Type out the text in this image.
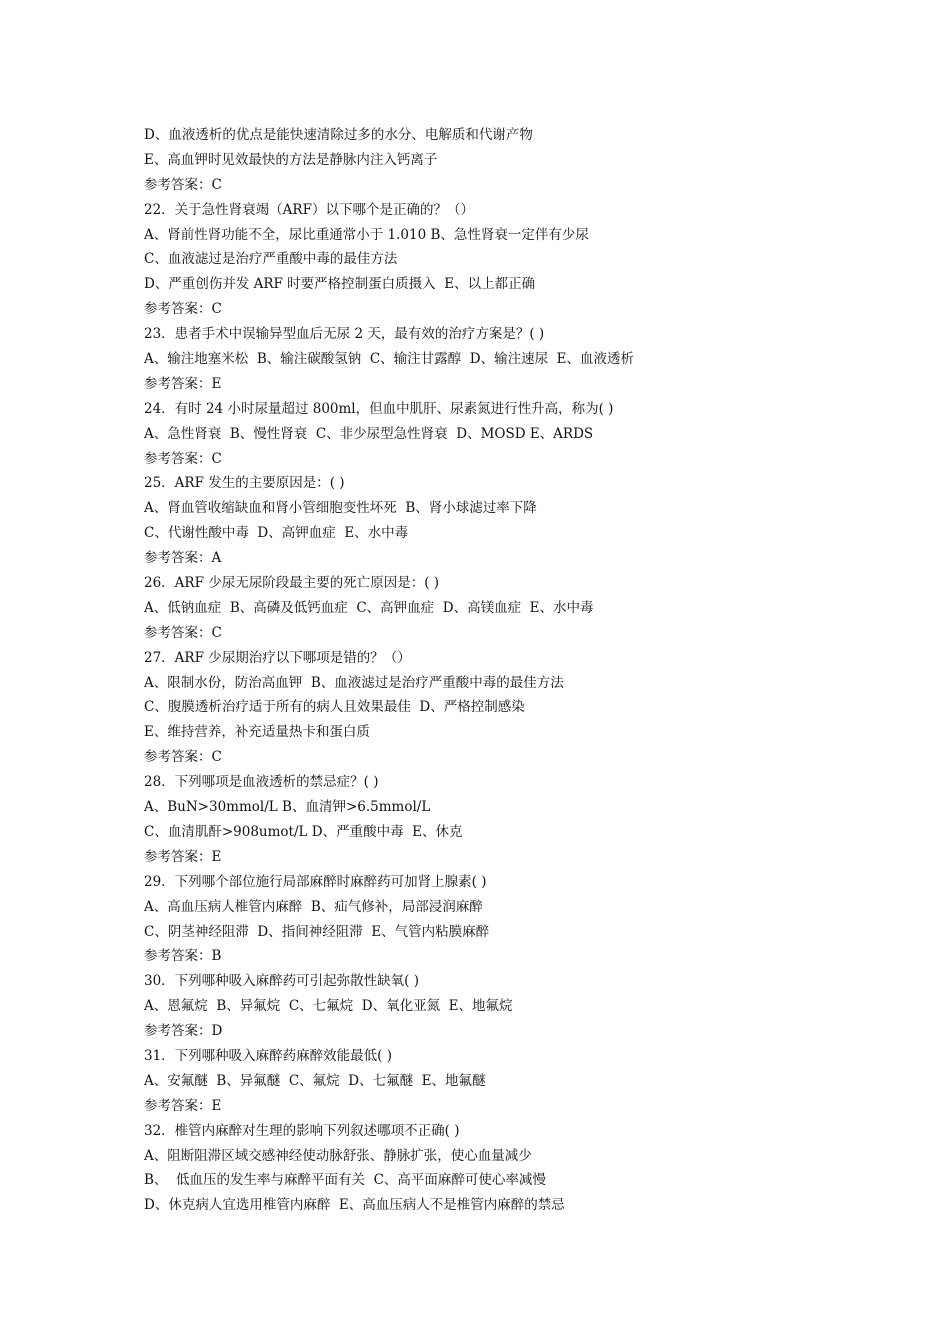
D、血液透析的优点是能快速清除过多的水分、电解质和代谢产物
E、高血钾时见效最快的方法是静脉内注入钙离子
参考答案：C
22．关于急性肾衰竭（ARF）以下哪个是正确的？（）
A、肾前性肾功能不全，尿比重通常小于 1.010 B、急性肾衰一定伴有少尿
C、血液滤过是治疗严重酸中毒的最佳方法
D、严重创伤并发 ARF 时要严格控制蛋白质摄入  E、以上都正确
参考答案：C
23．患者手术中误输异型血后无尿 2 天，最有效的治疗方案是？( )
A、输注地塞米松  B、输注碳酸氢钠  C、输注甘露醇  D、输注速尿  E、血液透析
参考答案：E
24．有时 24 小时尿量超过 800ml，但血中肌肝、尿素氮进行性升高，称为( )
A、急性肾衰  B、慢性肾衰  C、非少尿型急性肾衰  D、MOSD E、ARDS
参考答案：C
25．ARF 发生的主要原因是：( )
A、肾血管收缩缺血和肾小管细胞变性坏死  B、肾小球滤过率下降
C、代谢性酸中毒  D、高钾血症  E、水中毒
参考答案：A
26．ARF 少尿无尿阶段最主要的死亡原因是：( )
A、低钠血症  B、高磷及低钙血症  C、高钾血症  D、高镁血症  E、水中毒
参考答案：C
27．ARF 少尿期治疗以下哪项是错的？（）
A、限制水份，防治高血钾  B、血液滤过是治疗严重酸中毒的最佳方法
C、腹膜透析治疗适于所有的病人且效果最佳  D、严格控制感染
E、维持营养，补充适量热卡和蛋白质
参考答案：C
28．下列哪项是血液透析的禁忌症？( )
A、BuN>30mmol/L B、血清钾>6.5mmol/L
C、血清肌酐>908umot/L D、严重酸中毒  E、休克
参考答案：E
29．下列哪个部位施行局部麻醉时麻醉药可加肾上腺素( )
A、高血压病人椎管内麻醉  B、疝气修补，局部浸润麻醉
C、阴茎神经阻滞  D、指间神经阻滞  E、气管内粘膜麻醉
参考答案：B
30．下列哪种吸入麻醉药可引起弥散性缺氧( )
A、恩氟烷  B、异氟烷  C、七氟烷  D、氧化亚氮  E、地氟烷
参考答案：D
31．下列哪种吸入麻醉药麻醉效能最低( )
A、安氟醚  B、异氟醚  C、氟烷  D、七氟醚  E、地氟醚
参考答案：E
32．椎管内麻醉对生理的影响下列叙述哪项不正确( )
A、阻断阻滞区域交感神经使动脉舒张、静脉扩张，使心血量减少
B、  低血压的发生率与麻醉平面有关  C、高平面麻醉可使心率减慢
D、休克病人宜选用椎管内麻醉  E、高血压病人不是椎管内麻醉的禁忌
